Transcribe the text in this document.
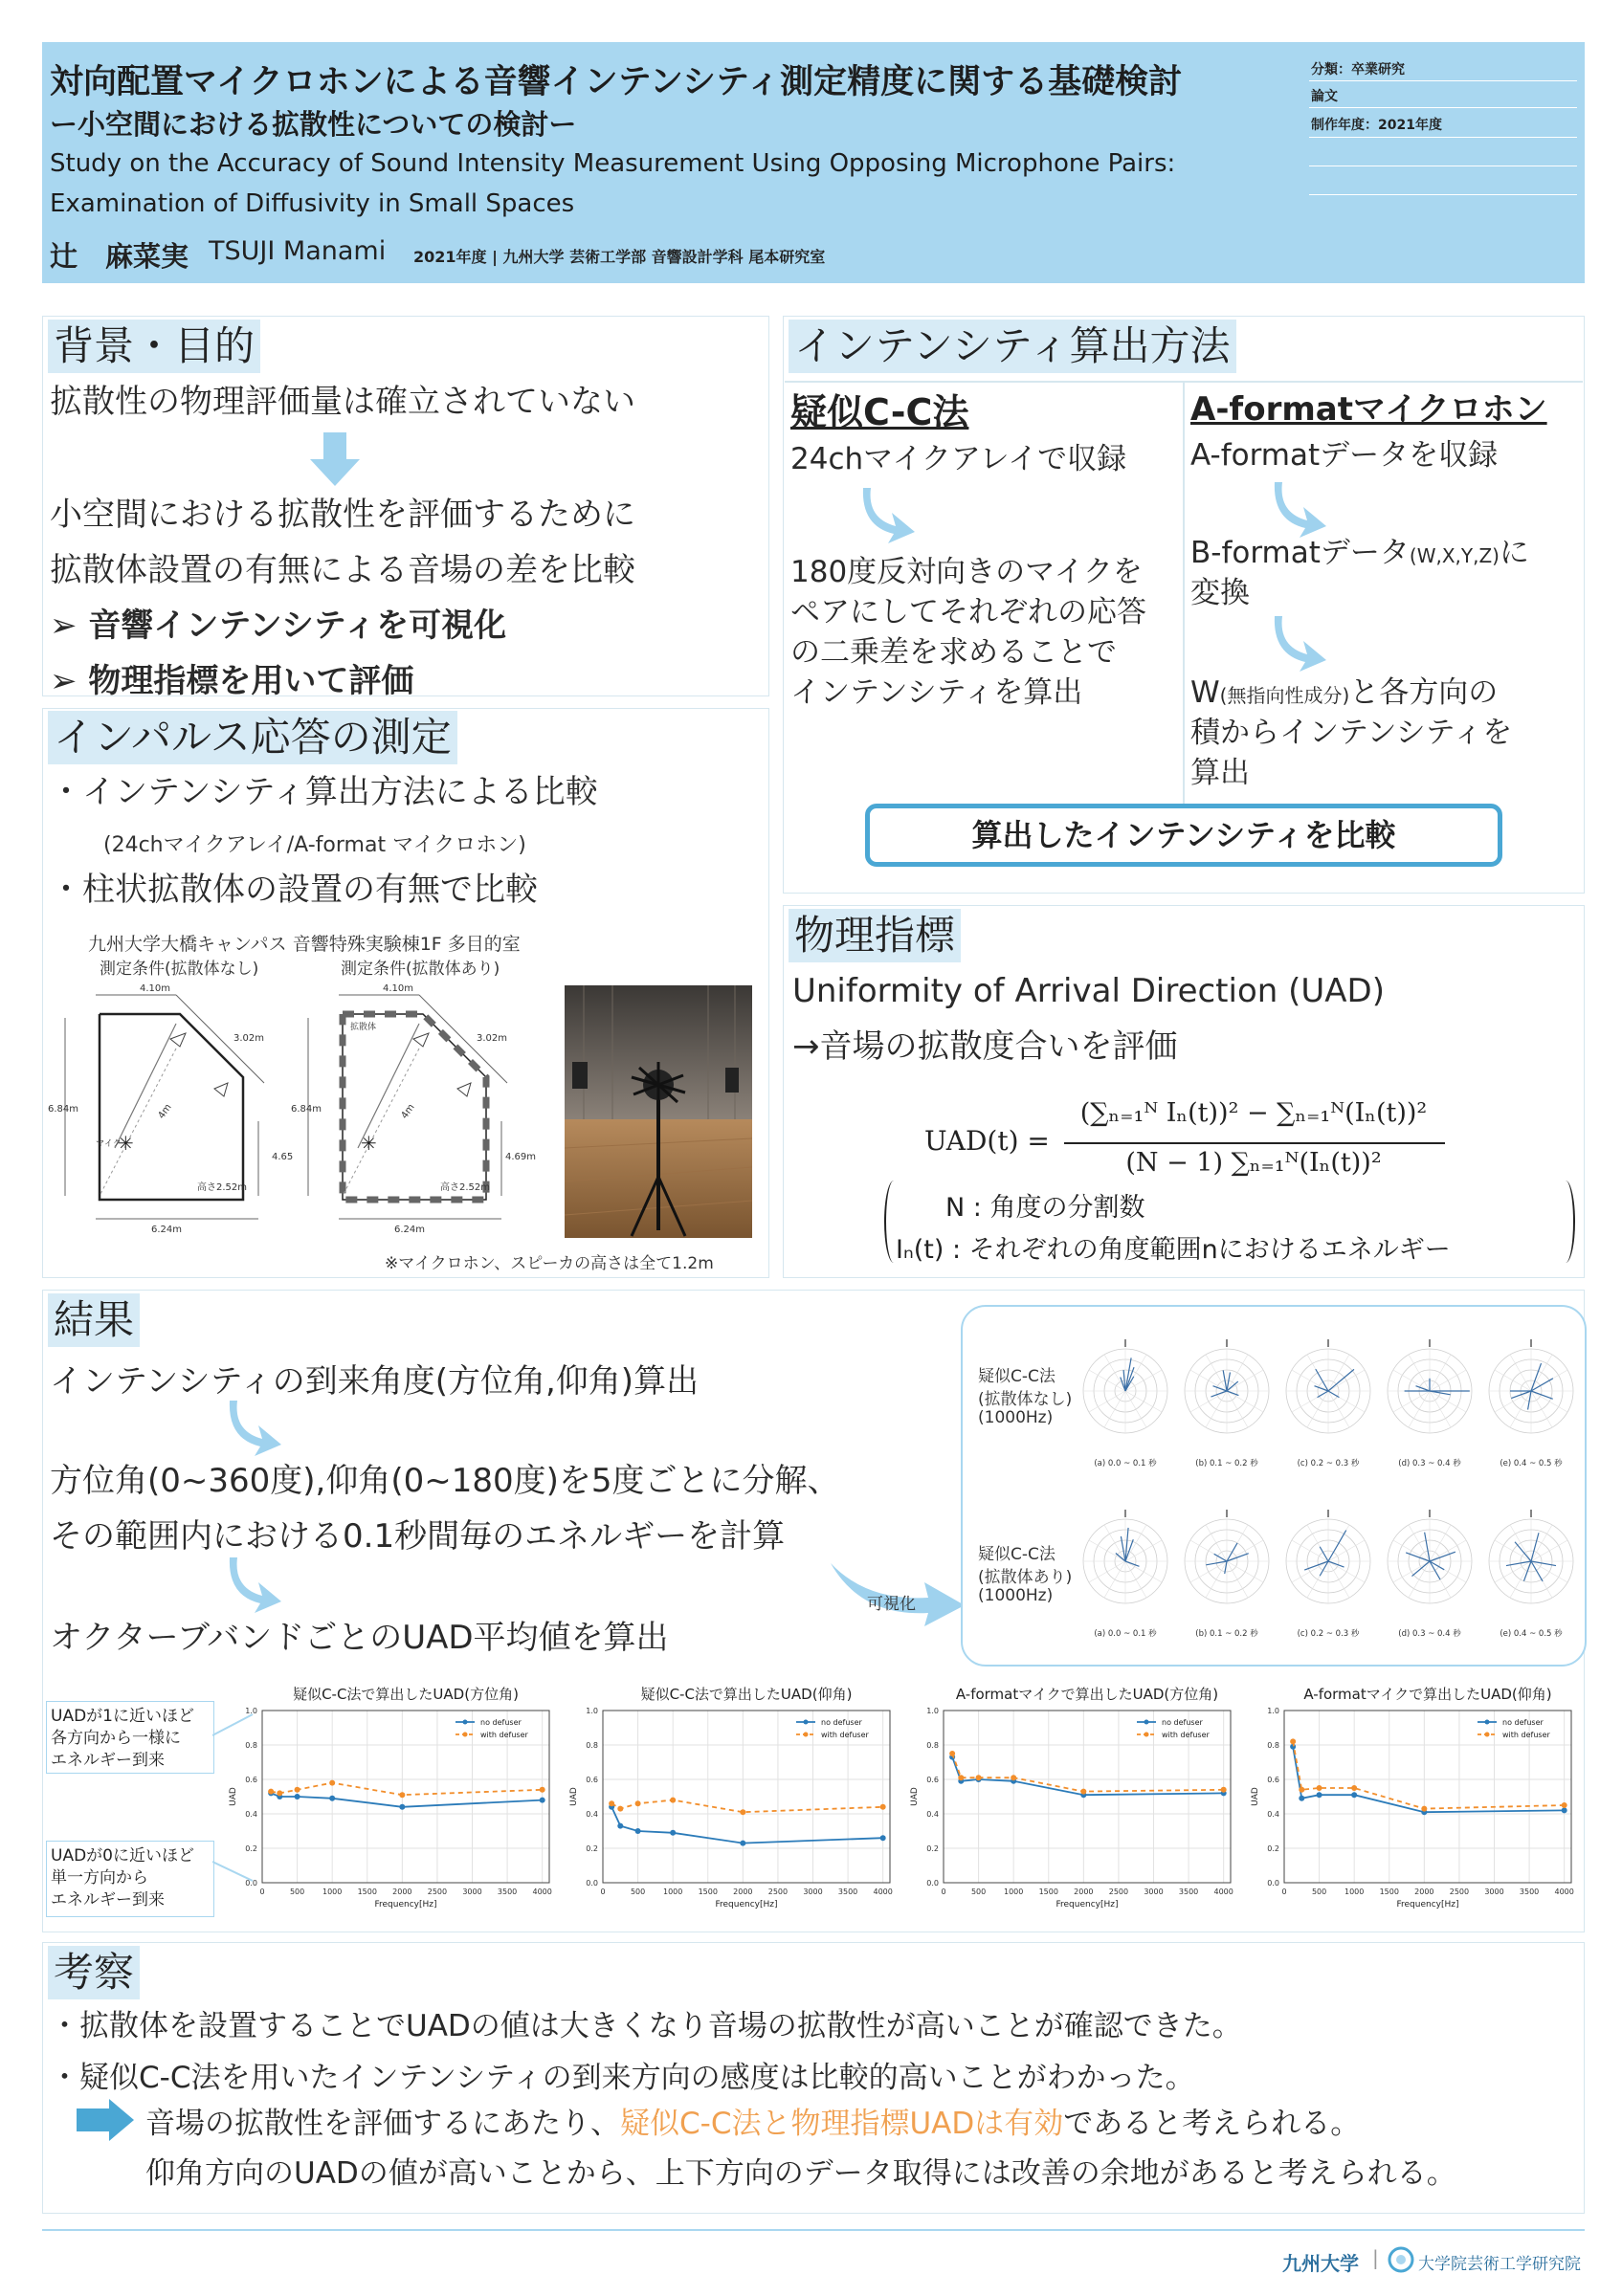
対向配置マイクロホンによる音響インテンシティ測定精度に関する基礎検討
ー小空間における拡散性についての検討ー
Study on the Accuracy of Sound Intensity Measurement Using Opposing Microphone Pairs:
Examination of Diffusivity in Small Spaces
辻　麻菜実 TSUJI Manami 2021年度 | 九州大学 芸術工学部 音響設計学科 尾本研究室
分類：卒業研究
論文
制作年度：2021年度
背景・目的
拡散性の物理評価量は確立されていない
小空間における拡散性を評価するために
拡散体設置の有無による音場の差を比較
➢ 音響インテンシティを可視化
➢ 物理指標を用いて評価
インパルス応答の測定
・インテンシティ算出方法による比較
(24chマイクアレイ/A-format マイクロホン)
・柱状拡散体の設置の有無で比較
九州大学大橋キャンパス 音響特殊実験棟1F 多目的室
測定条件(拡散体なし)	測定条件(拡散体あり)
✳
マイク
4.10m
3.02m
6.84m
4.65
4m
高さ2.52m
6.24m
✳
拡散体
4.10m
3.02m
6.84m
4.69m
4m
高さ2.52m
6.24m
※マイクロホン、スピーカの高さは全て1.2m
インテンシティ算出方法
疑似C-C法
24chマイクアレイで収録
180度反対向きのマイクを
ペアにしてそれぞれの応答
の二乗差を求めることで
インテンシティを算出
A-formatマイクロホン
A-formatデータを収録
B-formatデータ(W,X,Y,Z)に
変換
W(無指向性成分)と各方向の
積からインテンシティを
算出
算出したインテンシティを比較
物理指標
Uniformity of Arrival Direction (UAD)
→音場の拡散度合いを評価
UAD(t) =
(∑ₙ₌₁ᴺ Iₙ(t))² − ∑ₙ₌₁ᴺ(Iₙ(t))²
(N − 1) ∑ₙ₌₁ᴺ(Iₙ(t))²
N : 角度の分割数
Iₙ(t) : それぞれの角度範囲nにおけるエネルギー
結果
インテンシティの到来角度(方位角,仰角)算出
方位角(0~360度),仰角(0~180度)を5度ごとに分解、
その範囲内における0.1秒間毎のエネルギーを計算
オクターブバンドごとのUAD平均値を算出
可視化
疑似C-C法
(拡散体なし)
(1000Hz)
疑似C-C法
(拡散体あり)
(1000Hz)
(a) 0.0 ~ 0.1 秒	(b) 0.1 ~ 0.2 秒	(c) 0.2 ~ 0.3 秒	(d) 0.3 ~ 0.4 秒	(e) 0.4 ~ 0.5 秒
(a) 0.0 ~ 0.1 秒	(b) 0.1 ~ 0.2 秒	(c) 0.2 ~ 0.3 秒	(d) 0.3 ~ 0.4 秒	(e) 0.4 ~ 0.5 秒
UADが1に近いほど
各方向から一様に
エネルギー到来
UADが0に近いほど
単一方向から
エネルギー到来
疑似C-C法で算出したUAD(方位角)
0.0
0.2
0.4
0.6
0.8
1.0
0	500 1000 1500 2000 2500 3000 3500 4000
Frequency[Hz]
UAD
no defuser
with defuser
疑似C-C法で算出したUAD(仰角)
0.0
0.2
0.4
0.6
0.8
1.0
0	500 1000 1500 2000 2500 3000 3500 4000
Frequency[Hz]
UAD
no defuser
with defuser
A-formatマイクで算出したUAD(方位角)
0.0
0.2
0.4
0.6
0.8
1.0
0	500 1000 1500 2000 2500 3000 3500 4000
Frequency[Hz]
UAD
no defuser
with defuser
A-formatマイクで算出したUAD(仰角)
0.0
0.2
0.4
0.6
0.8
1.0
0	500 1000 1500 2000 2500 3000 3500 4000
Frequency[Hz]
UAD
no defuser
with defuser
考察
・拡散体を設置することでUADの値は大きくなり音場の拡散性が高いことが確認できた。
・疑似C-C法を用いたインテンシティの到来方向の感度は比較的高いことがわかった。
音場の拡散性を評価するにあたり、疑似C-C法と物理指標UADは有効であると考えられる。
仰角方向のUADの値が高いことから、上下方向のデータ取得には改善の余地があると考えられる。
九州大学 | 大学院芸術工学研究院
